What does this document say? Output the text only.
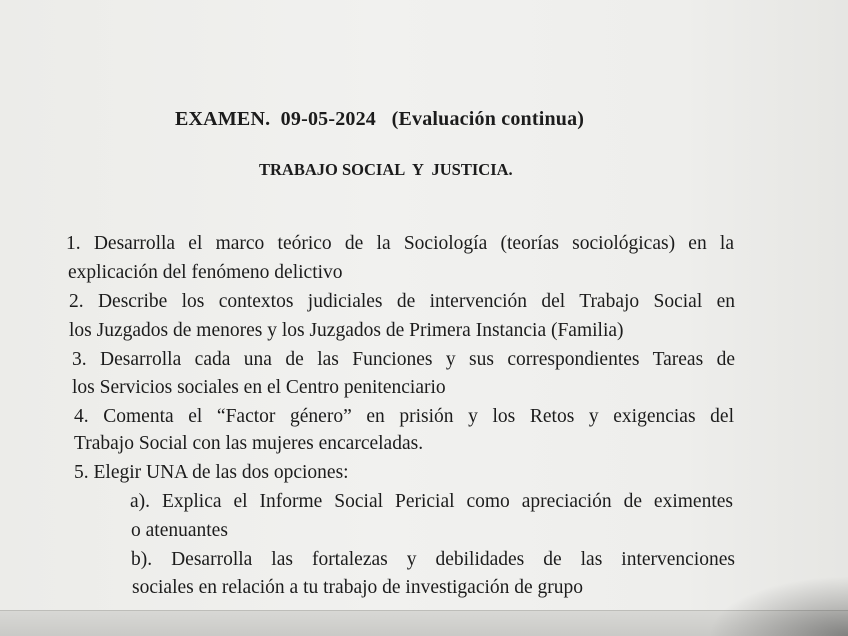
EXAMEN.  09-05-2024   (Evaluación continua)
TRABAJO SOCIAL  Y  JUSTICIA.
1. Desarrolla el marco teórico de la Sociología (teorías sociológicas) en la
explicación del fenómeno delictivo
2. Describe los contextos judiciales de intervención del Trabajo Social en
los Juzgados de menores y los Juzgados de Primera Instancia (Familia)
3. Desarrolla cada una de las Funciones y sus correspondientes Tareas de
los Servicios sociales en el Centro penitenciario
4. Comenta el “Factor género” en prisión y los Retos y exigencias del
Trabajo Social con las mujeres encarceladas.
5. Elegir UNA de las dos opciones:
a). Explica el Informe Social Pericial como apreciación de eximentes
o atenuantes
b). Desarrolla las fortalezas y debilidades de las intervenciones
sociales en relación a tu trabajo de investigación de grupo
